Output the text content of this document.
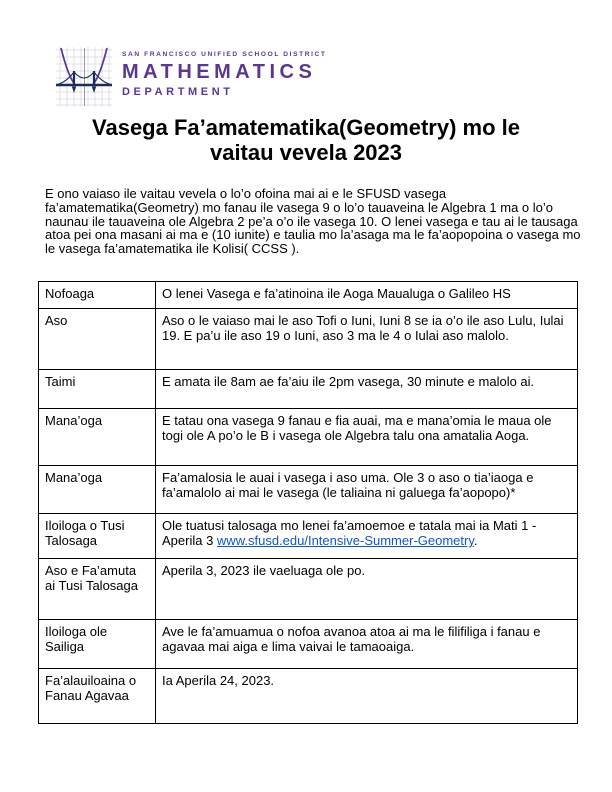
SAN FRANCISCO UNIFIED SCHOOL DISTRICT
MATHEMATICS
DEPARTMENT
Vasega Fa’amatematika(Geometry) mo le
vaitau vevela 2023

E ono vaiaso ile vaitau vevela o lo’o ofoina mai ai e le SFUSD vasega fa’amatematika(Geometry) mo fanau ile vasega 9 o lo’o tauaveina le Algebra 1 ma o lo’o naunau ile tauaveina ole Algebra 2 pe’a o’o ile vasega 10. O lenei vasega e tau ai le tausaga atoa pei ona masani ai ma e (10 iunite) e taulia mo la’asaga ma le fa’aopopoina o vasega mo le vasega fa’amatematika ile Kolisi( CCSS ).

Nofoaga	O lenei Vasega e fa’atinoina ile Aoga Maualuga o Galileo HS
Aso	Aso o le vaiaso mai le aso Tofi o Iuni, Iuni 8 se ia o’o ile aso Lulu, Iulai 19. E pa’u ile aso 19 o Iuni, aso 3 ma le 4 o Iulai aso malolo.
Taimi	E amata ile 8am ae fa’aiu ile 2pm vasega, 30 minute e malolo ai.
Mana’oga	E tatau ona vasega 9 fanau e fia auai, ma e mana’omia le maua ole togi ole A po’o le B i vasega ole Algebra talu ona amatalia Aoga.
Mana’oga	Fa’amalosia le auai i vasega i aso uma. Ole 3 o aso o tia’iaoga e fa’amalolo ai mai le vasega (le taliaina ni galuega fa’aopopo)*
Iloiloga o Tusi Talosaga	Ole tuatusi talosaga mo lenei fa’amoemoe e tatala mai ia Mati 1 - Aperila 3 www.sfusd.edu/Intensive-Summer-Geometry.
Aso e Fa’amuta ai Tusi Talosaga	Aperila 3, 2023 ile vaeluaga ole po.
Iloiloga ole Sailiga	Ave le fa’amuamua o nofoa avanoa atoa ai ma le filifiliga i fanau e agavaa mai aiga e lima vaivai le tamaoaiga.
Fa’alauiloaina o Fanau Agavaa	Ia Aperila 24, 2023.
